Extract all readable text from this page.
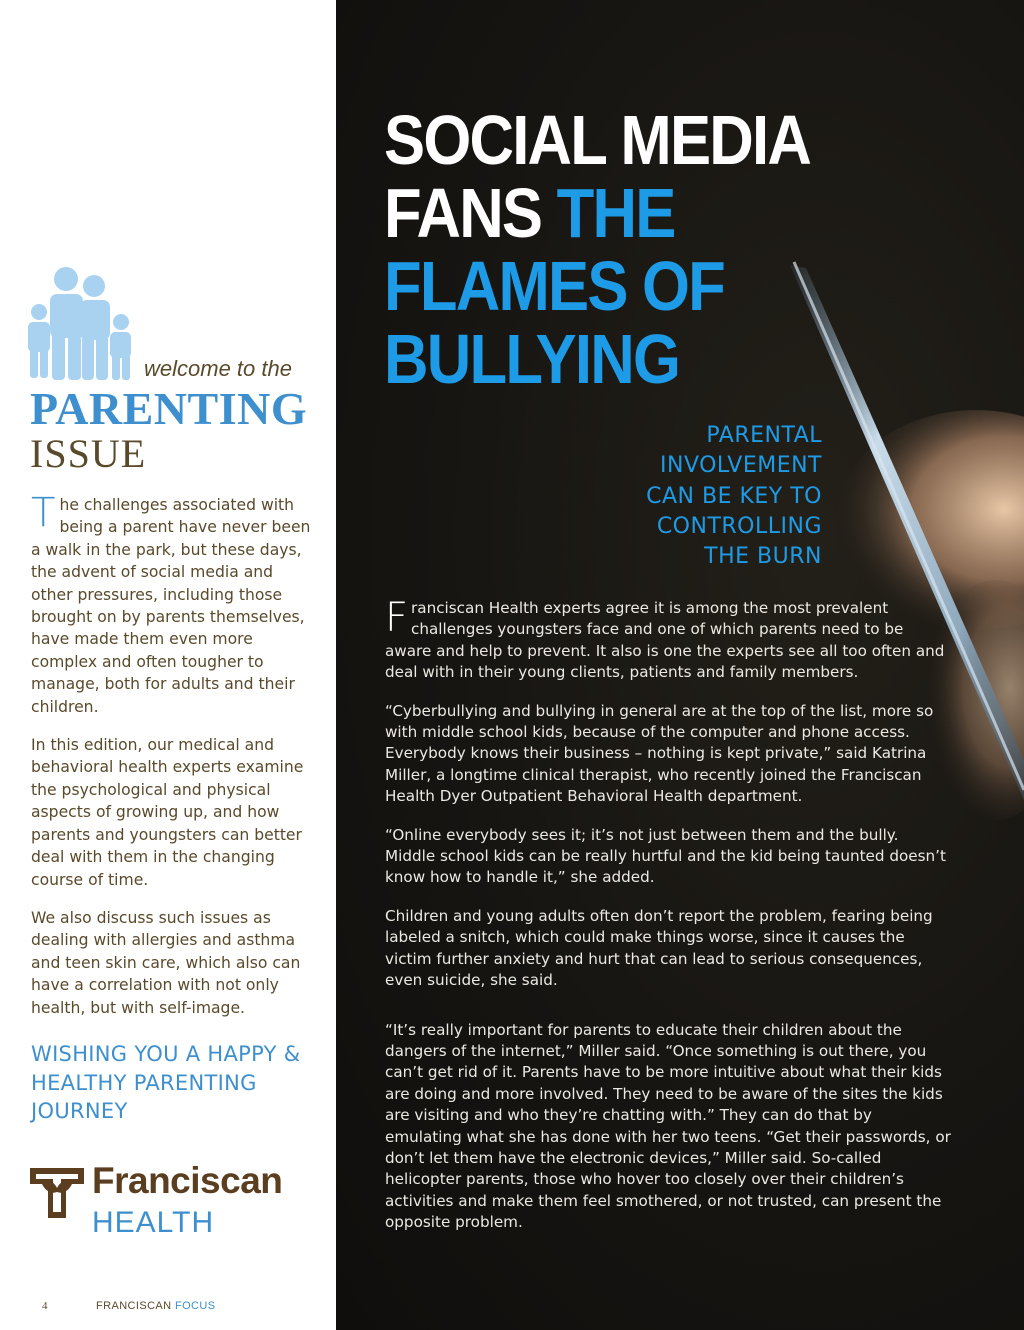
welcome to the
PARENTING
ISSUE

The challenges associated with being a parent have never been a walk in the park, but these days, the advent of social media and other pressures, including those brought on by parents themselves, have made them even more complex and often tougher to manage, both for adults and their children.

In this edition, our medical and behavioral health experts examine the psychological and physical aspects of growing up, and how parents and youngsters can better deal with them in the changing course of time.

We also discuss such issues as dealing with allergies and asthma and teen skin care, which also can have a correlation with not only health, but with self-image.

WISHING YOU A HAPPY & HEALTHY PARENTING JOURNEY
Franciscan
HEALTH
4	FRANCISCAN FOCUS
SOCIAL MEDIA
FANS THE
FLAMES OF
BULLYING
PARENTAL
INVOLVEMENT
CAN BE KEY TO
CONTROLLING
THE BURN

Franciscan Health experts agree it is among the most prevalent challenges youngsters face and one of which parents need to be aware and help to prevent. It also is one the experts see all too often and deal with in their young clients, patients and family members.

“Cyberbullying and bullying in general are at the top of the list, more so with middle school kids, because of the computer and phone access. Everybody knows their business – nothing is kept private,” said Katrina Miller, a longtime clinical therapist, who recently joined the Franciscan Health Dyer Outpatient Behavioral Health department.

“Online everybody sees it; it’s not just between them and the bully. Middle school kids can be really hurtful and the kid being taunted doesn’t know how to handle it,” she added.

Children and young adults often don’t report the problem, fearing being labeled a snitch, which could make things worse, since it causes the victim further anxiety and hurt that can lead to serious consequences, even suicide, she said.

“It’s really important for parents to educate their children about the dangers of the internet,” Miller said. “Once something is out there, you can’t get rid of it. Parents have to be more intuitive about what their kids are doing and more involved. They need to be aware of the sites the kids are visiting and who they’re chatting with.” They can do that by emulating what she has done with her two teens. “Get their passwords, or don’t let them have the electronic devices,” Miller said. So-called helicopter parents, those who hover too closely over their children’s activities and make them feel smothered, or not trusted, can present the opposite problem.
